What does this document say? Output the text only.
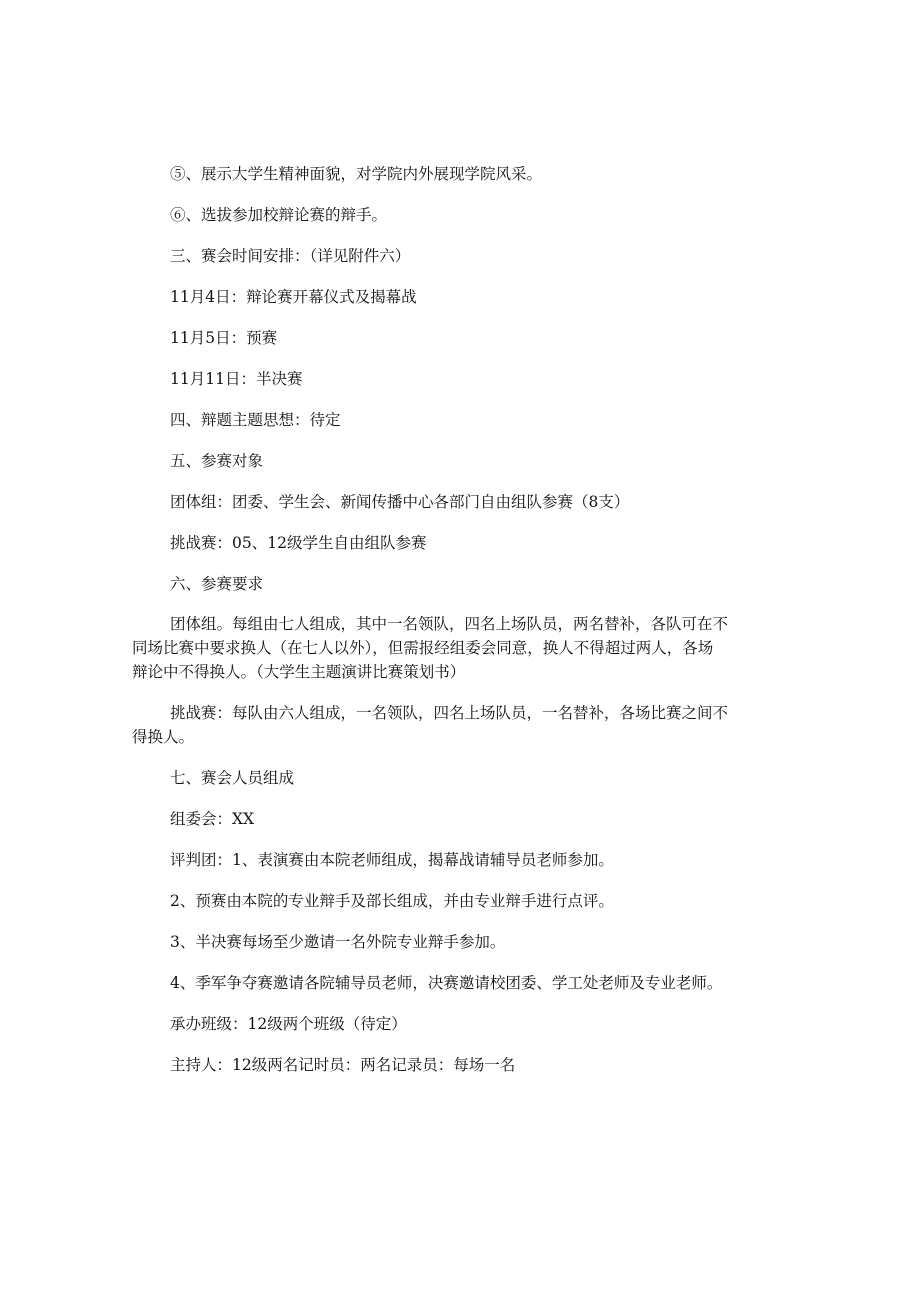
⑤、展示大学生精神面貌，对学院内外展现学院风采。
⑥、选拔参加校辩论赛的辩手。
三、赛会时间安排：（详见附件六）
11月4日：辩论赛开幕仪式及揭幕战
11月5日：预赛
11月11日：半决赛
四、辩题主题思想：待定
五、参赛对象
团体组：团委、学生会、新闻传播中心各部门自由组队参赛（8支）
挑战赛：05、12级学生自由组队参赛
六、参赛要求
团体组。每组由七人组成，其中一名领队，四名上场队员，两名替补，各队可在不
同场比赛中要求换人（在七人以外），但需报经组委会同意，换人不得超过两人，各场
辩论中不得换人。（大学生主题演讲比赛策划书）
挑战赛：每队由六人组成，一名领队，四名上场队员，一名替补，各场比赛之间不
得换人。
七、赛会人员组成
组委会：XX
评判团：1、表演赛由本院老师组成，揭幕战请辅导员老师参加。
2、预赛由本院的专业辩手及部长组成，并由专业辩手进行点评。
3、半决赛每场至少邀请一名外院专业辩手参加。
4、季军争夺赛邀请各院辅导员老师，决赛邀请校团委、学工处老师及专业老师。
承办班级：12级两个班级（待定）
主持人：12级两名记时员：两名记录员：每场一名
